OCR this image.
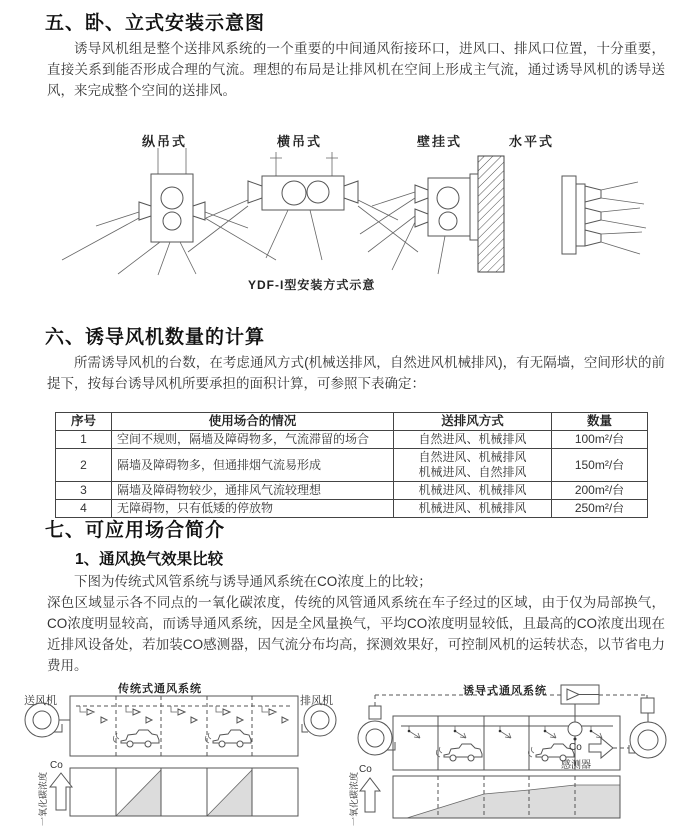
五、卧、立式安装示意图
诱导风机组是整个送排风系统的一个重要的中间通风衔接环口，进风口、排风口位置，十分重要，直接关系到能否形成合理的气流。理想的布局是让排风机在空间上形成主气流，通过诱导风机的诱导送风，来完成整个空间的送排风。
纵吊式	横吊式	壁挂式	水平式
YDF-I型安装方式示意
六、诱导风机数量的计算
所需诱导风机的台数，在考虑通风方式(机械送排风，自然进风机械排风)，有无隔墙，空间形状的前提下，按每台诱导风机所要承担的面积计算，可参照下表确定：
序号	使用场合的情况	送排风方式	数量
1	空间不规则，隔墙及障碍物多，气流滞留的场合	自然进风、机械排风	100m²/台
2	隔墙及障碍物多，但通排烟气流易形成	自然进风、机械排风
机械进风、自然排风	150m²/台
3	隔墙及障碍物较少，通排风气流较理想	机械进风、机械排风	200m²/台
4	无障碍物，只有低矮的停放物	机械进风、机械排风	250m²/台
七、可应用场合简介
1、通风换气效果比较
下图为传统式风管系统与诱导通风系统在CO浓度上的比较；
深色区域显示各不同点的一氧化碳浓度，传统的风管通风系统在车子经过的区域，由于仅为局部换气，CO浓度明显较高，而诱导通风系统，因是全风量换气，平均CO浓度明显较低，且最高的CO浓度出现在近排风设备处，若加装CO感测器，因气流分布均高，探测效果好，可控制风机的运转状态，以节省电力费用。
传统式通风系统
送风机	排风机
Co
一氧化碳浓度
诱导式通风系统
Co
感测器
Co
一氧化碳浓度
